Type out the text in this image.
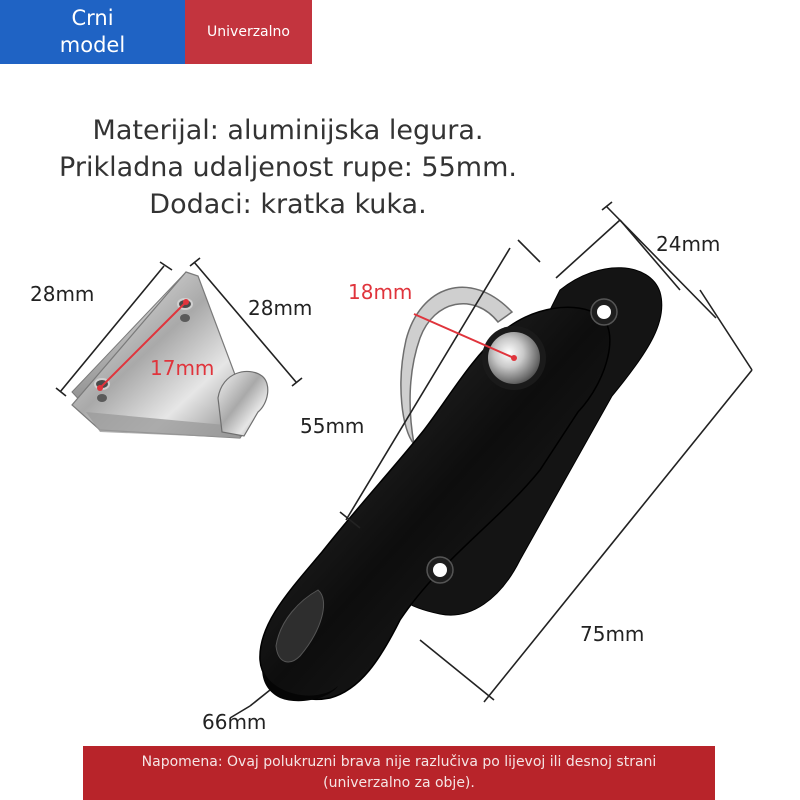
Crni
model
Univerzalno
Materijal: aluminijska legura.
Prikladna udaljenost rupe: 55mm.
Dodaci: kratka kuka.
28mm
28mm
17mm
24mm
18mm
55mm
75mm
66mm
Napomena: Ovaj polukruzni brava nije razlučiva po lijevoj ili desnoj strani
(univerzalno za obje).
